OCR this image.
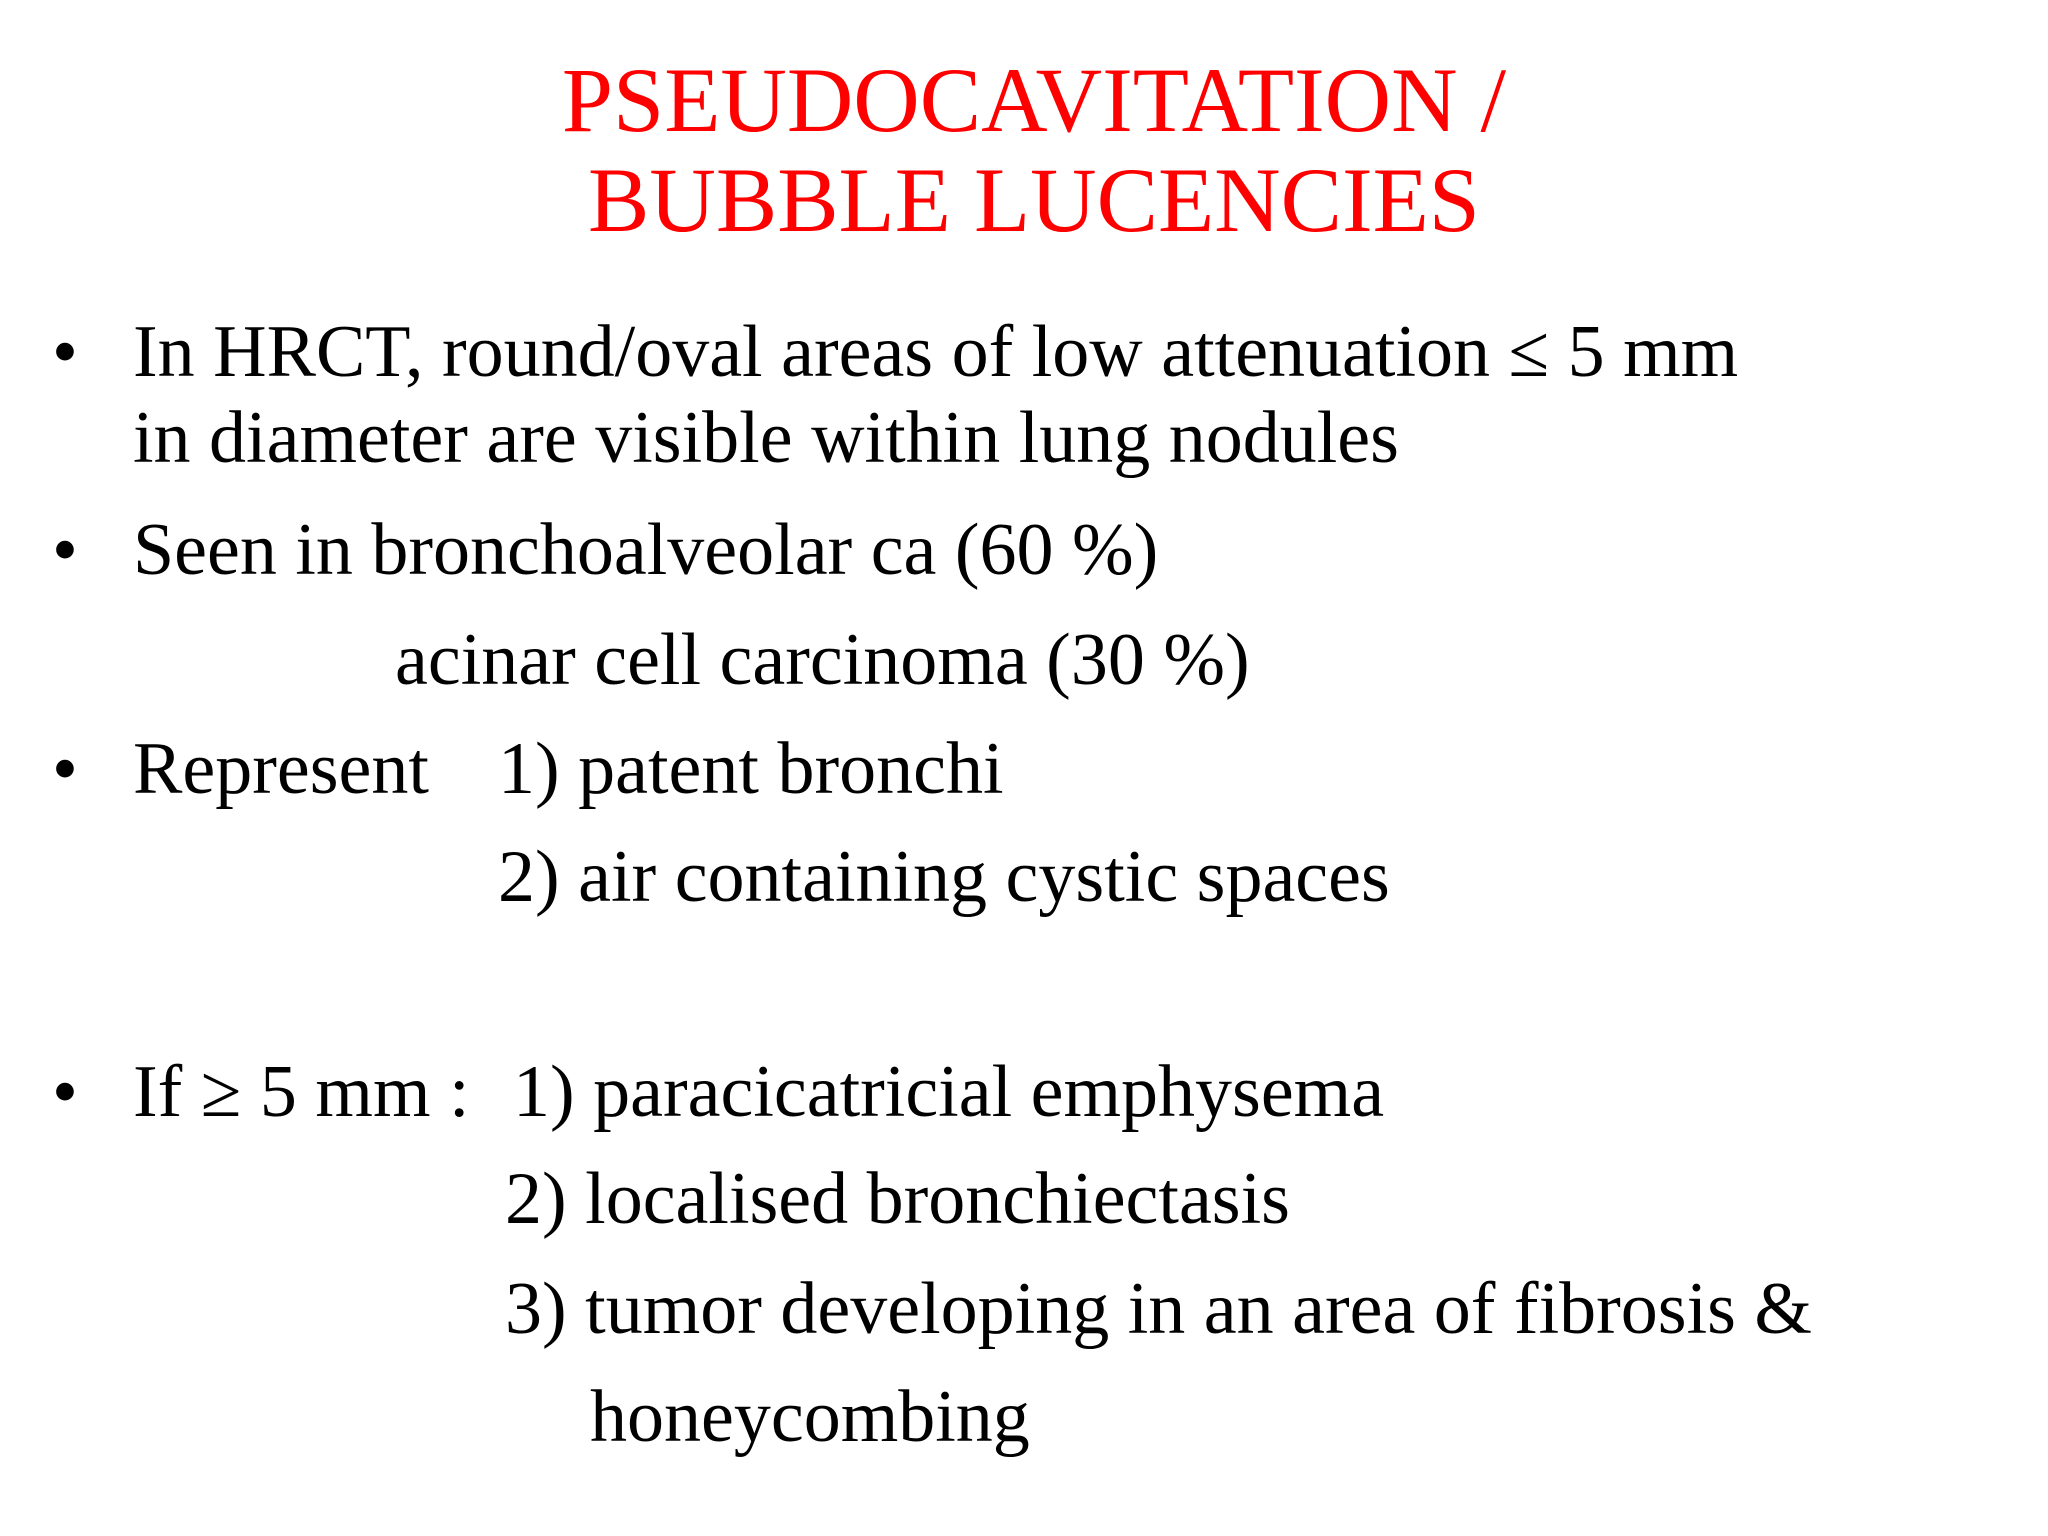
PSEUDOCAVITATION /
BUBBLE LUCENCIES
• In HRCT, round/oval areas of low attenuation ≤ 5 mm
in diameter are visible within lung nodules
• Seen in bronchoalveolar ca (60 %)
acinar cell carcinoma (30 %)
• Represent 1) patent bronchi
2) air containing cystic spaces
• If ≥ 5 mm : 1) paracicatricial emphysema
2) localised bronchiectasis
3) tumor developing in an area of fibrosis &
honeycombing
